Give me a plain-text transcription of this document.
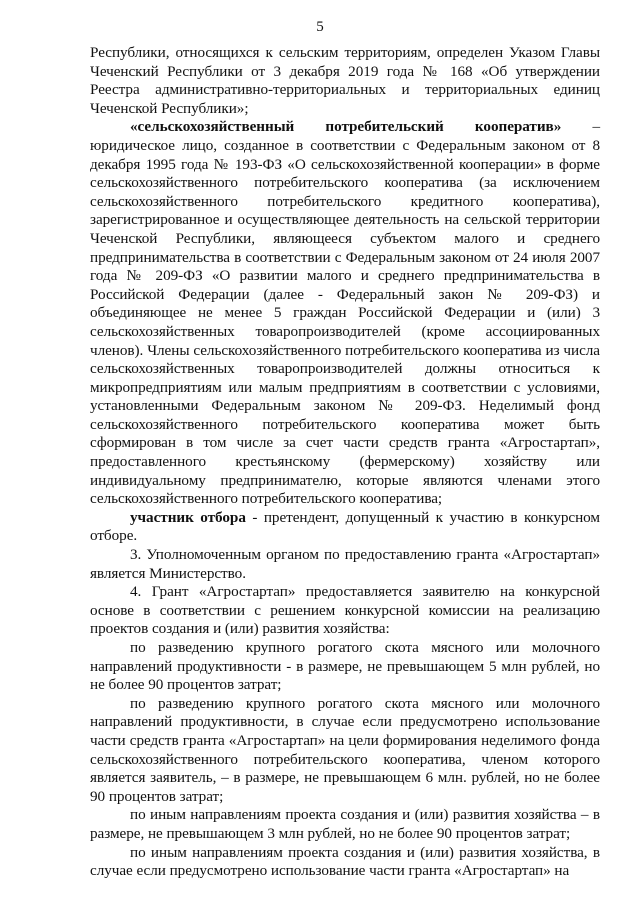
5

Республики, относящихся к сельским территориям, определен Указом Главы Чеченский Республики от 3 декабря 2019 года № 168 «Об утверждении Реестра административно-территориальных и территориальных единиц Чеченской Республики»;

«сельскохозяйственный потребительский кооператив» – юридическое лицо, созданное в соответствии с Федеральным законом от 8 декабря 1995 года № 193-ФЗ «О сельскохозяйственной кооперации» в форме сельскохозяйственного потребительского кооператива (за исключением сельскохозяйственного потребительского кредитного кооператива), зарегистрированное и осуществляющее деятельность на сельской территории Чеченской Республики, являющееся субъектом малого и среднего предпринимательства в соответствии с Федеральным законом от 24 июля 2007 года № 209-ФЗ «О развитии малого и среднего предпринимательства в Российской Федерации (далее - Федеральный закон № 209-ФЗ) и объединяющее не менее 5 граждан Российской Федерации и (или) 3 сельскохозяйственных товаропроизводителей (кроме ассоциированных членов). Члены сельскохозяйственного потребительского кооператива из числа сельскохозяйственных товаропроизводителей должны относиться к микропредприятиям или малым предприятиям в соответствии с условиями, установленными Федеральным законом № 209-ФЗ. Неделимый фонд сельскохозяйственного потребительского кооператива может быть сформирован в том числе за счет части средств гранта «Агростартап», предоставленного крестьянскому (фермерскому) хозяйству или индивидуальному предпринимателю, которые являются членами этого сельскохозяйственного потребительского кооператива;

участник отбора - претендент, допущенный к участию в конкурсном отборе.

3. Уполномоченным органом по предоставлению гранта «Агростартап» является Министерство.

4. Грант «Агростартап» предоставляется заявителю на конкурсной основе в соответствии с решением конкурсной комиссии на реализацию проектов создания и (или) развития хозяйства:

по разведению крупного рогатого скота мясного или молочного направлений продуктивности - в размере, не превышающем 5 млн рублей, но не более 90 процентов затрат;

по разведению крупного рогатого скота мясного или молочного направлений продуктивности, в случае если предусмотрено использование части средств гранта «Агростартап» на цели формирования неделимого фонда сельскохозяйственного потребительского кооператива, членом которого является заявитель, – в размере, не превышающем 6 млн. рублей, но не более 90 процентов затрат;

по иным направлениям проекта создания и (или) развития хозяйства – в размере, не превышающем 3 млн рублей, но не более 90 процентов затрат;

по иным направлениям проекта создания и (или) развития хозяйства, в случае если предусмотрено использование части гранта «Агростартап» на
